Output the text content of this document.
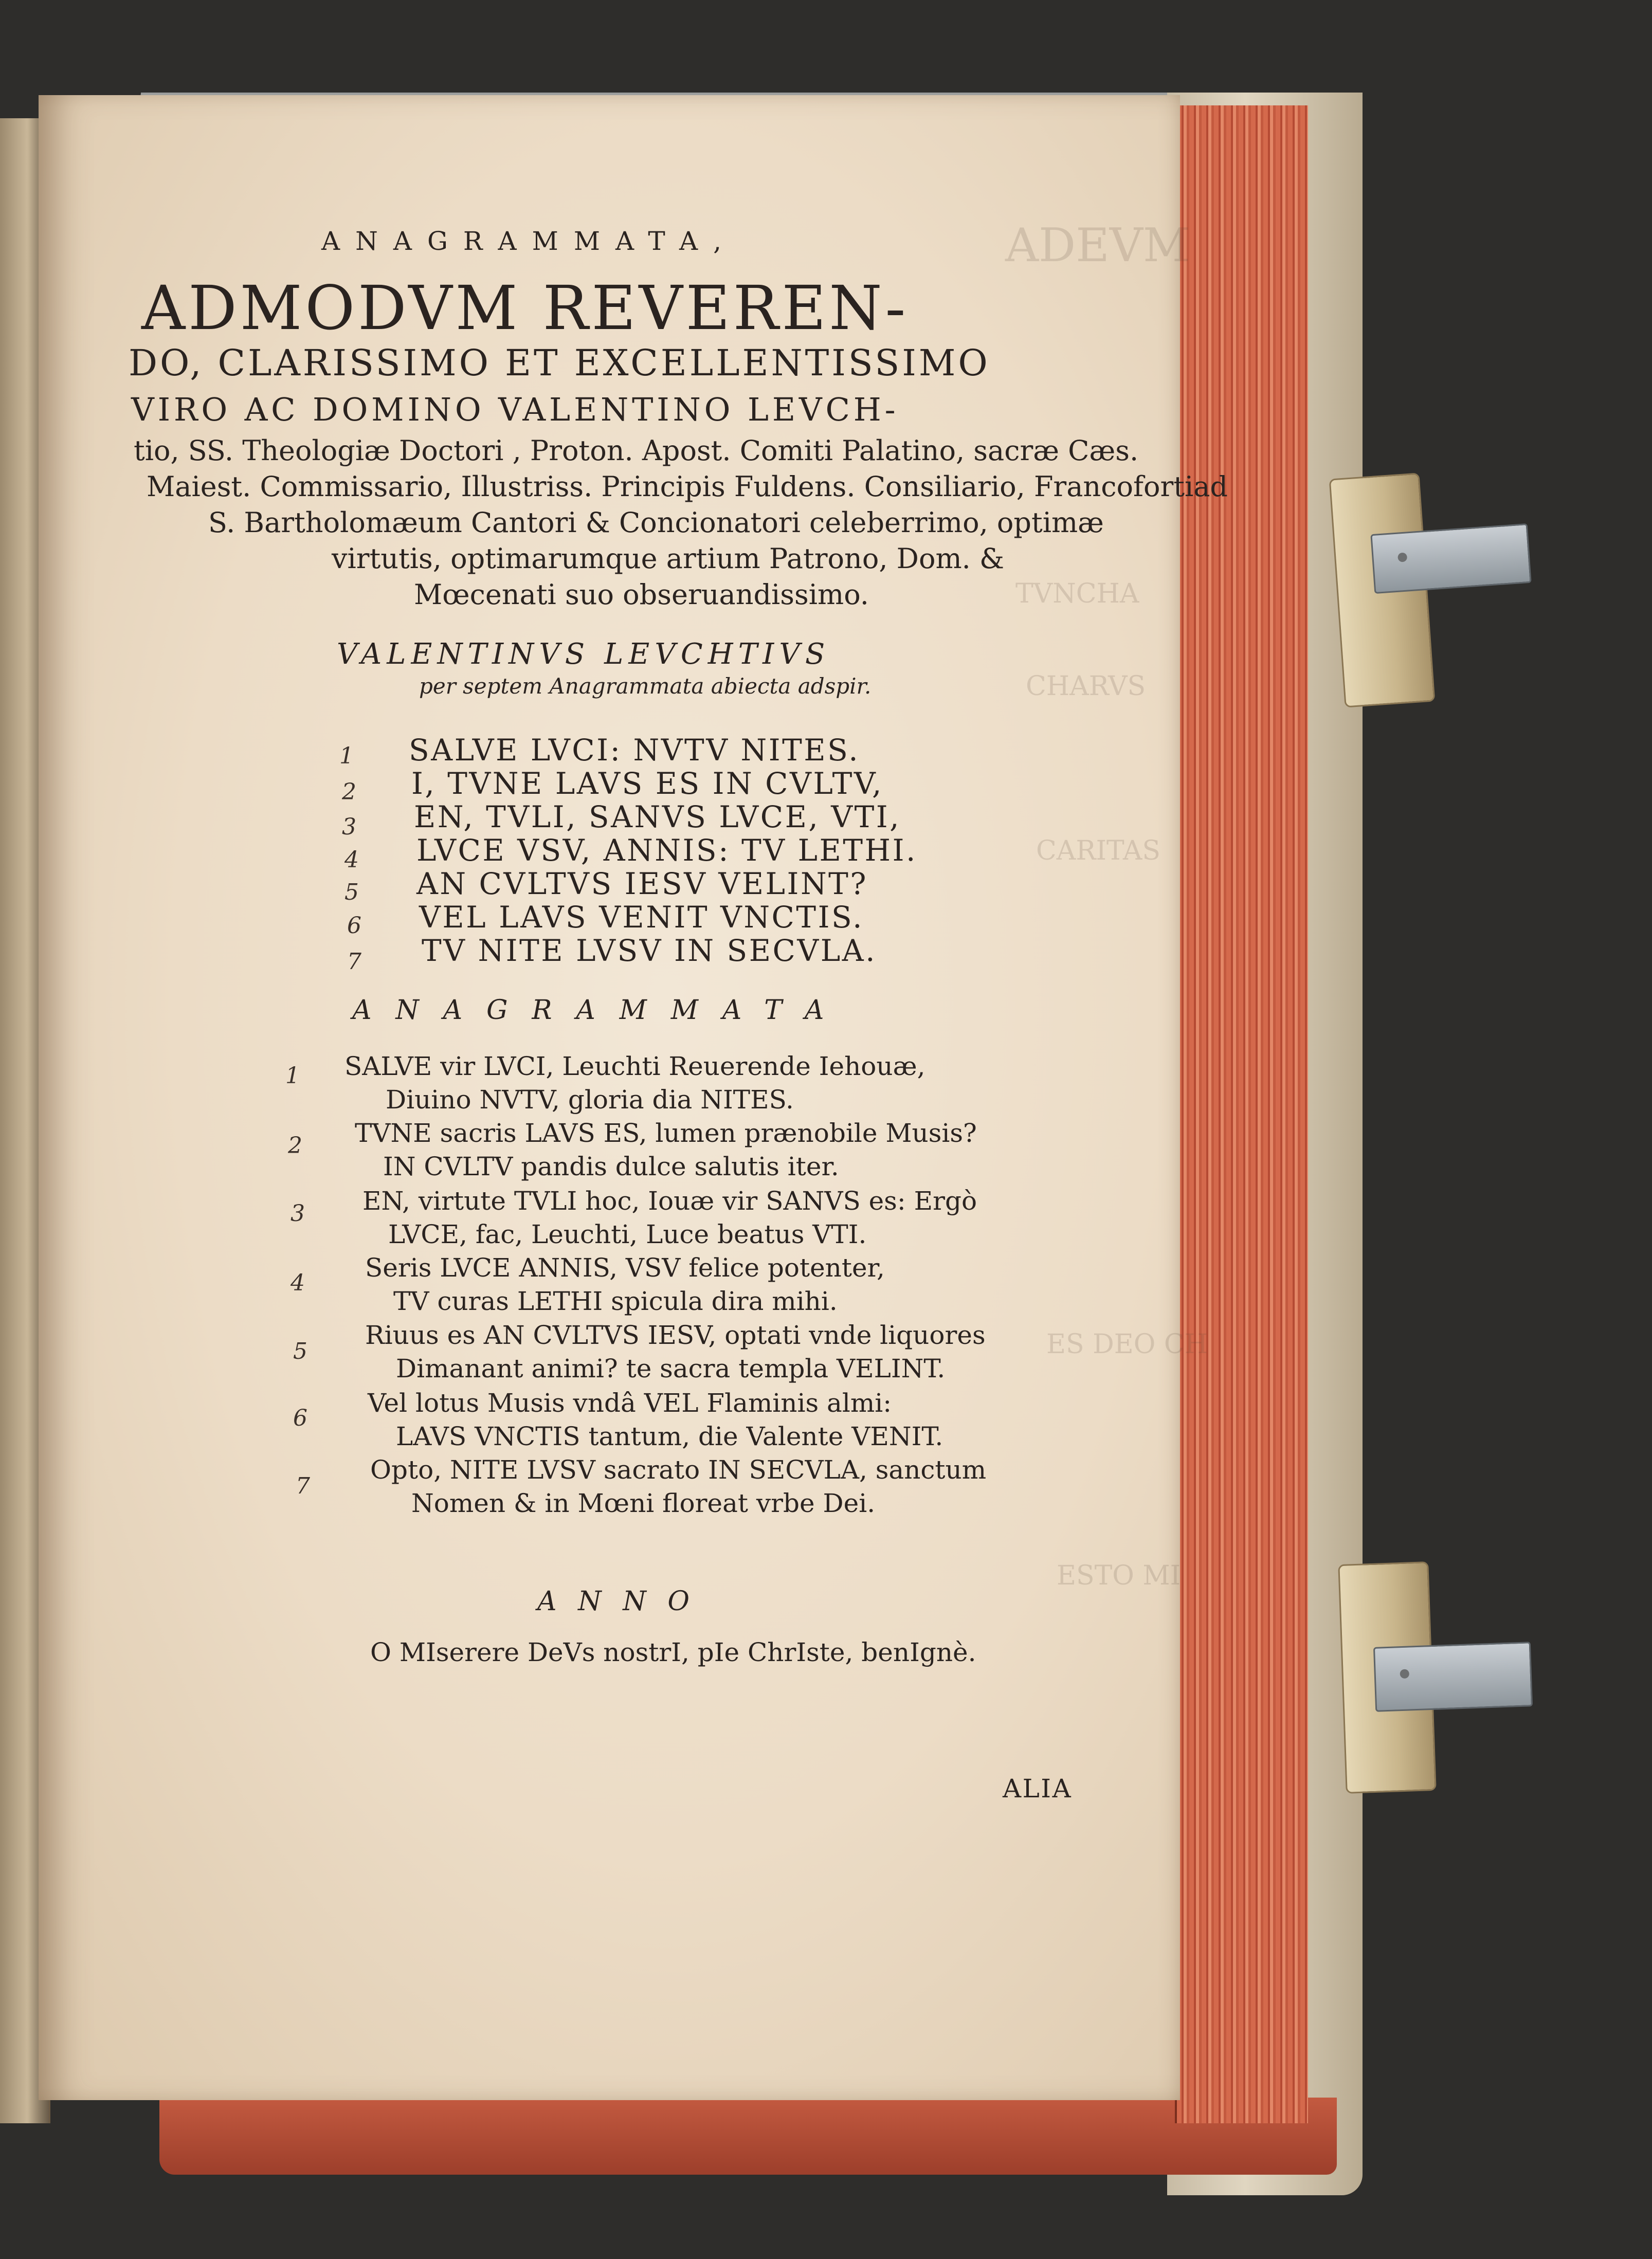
ADEVM
TVNCHA
CHARVS
CARITAS
ES DEO CH
ESTO MI
ANAGRAMMATA,
ADMODVM REVEREN-
DO, CLARISSIMO ET EXCELLENTISSIMO
VIRO AC DOMINO VALENTINO LEVCH-
tio, SS. Theologiæ Doctori , Proton. Apost. Comiti Palatino, sacræ Cæs.
Maiest. Commissario, Illustriss. Principis Fuldens. Consiliario, Francofortiad
S. Bartholomæum Cantori & Concionatori celeberrimo, optimæ
virtutis, optimarumque artium Patrono, Dom. &
Mœcenati suo obseruandissimo.
VALENTINVS LEVCHTIVS
per septem Anagrammata abiecta adspir.
1 SALVE LVCI: NVTV NITES.
2 I, TVNE LAVS ES IN CVLTV,
3 EN, TVLI, SANVS LVCE, VTI,
4 LVCE VSV, ANNIS: TV LETHI.
5 AN CVLTVS IESV VELINT?
6 VEL LAVS VENIT VNCTIS.
7 TV NITE LVSV IN SECVLA.
ANAGRAMMATA
1 SALVE vir LVCI, Leuchti Reuerende Iehouæ,
Diuino NVTV, gloria dia NITES.
2 TVNE sacris LAVS ES, lumen prænobile Musis?
IN CVLTV pandis dulce salutis iter.
3 EN, virtute TVLI hoc, Iouæ vir SANVS es: Ergò
LVCE, fac, Leuchti, Luce beatus VTI.
4
Seris LVCE ANNIS, VSV felice potenter,
TV curas LETHI spicula dira mihi.
5
Riuus es AN CVLTVS IESV, optati vnde liquores
Dimanant animi? te sacra templa VELINT.
6
Vel lotus Musis vndâ VEL Flaminis almi:
LAVS VNCTIS tantum, die Valente VENIT.
7
Opto, NITE LVSV sacrato IN SECVLA, sanctum
Nomen & in Mœni floreat vrbe Dei.
ANNO
O MIserere DeVs nostrI, pIe ChrIste, benIgnè.
ALIA
